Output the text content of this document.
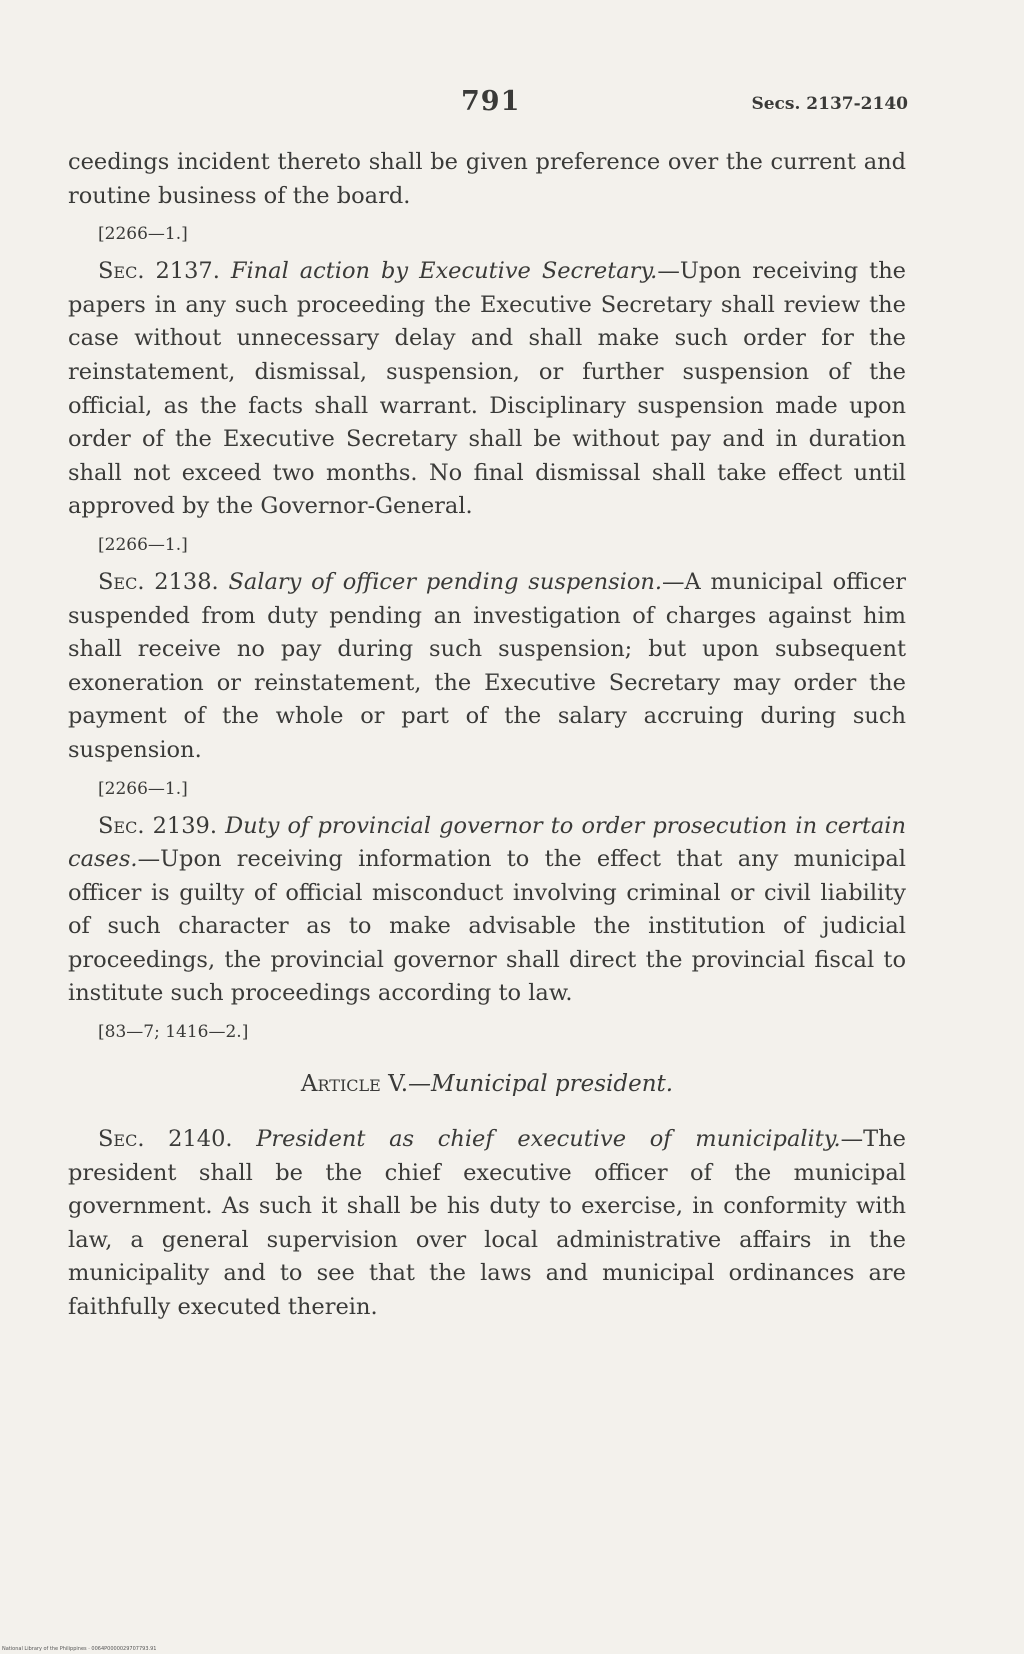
791	Secs. 2137-2140

ceedings incident thereto shall be given preference over the current and routine business of the board.

[2266—1.]

Sec. 2137. Final action by Executive Secretary.—Upon receiving the papers in any such proceeding the Executive Secretary shall review the case without unnecessary delay and shall make such order for the reinstatement, dismissal, suspension, or further suspension of the official, as the facts shall warrant. Disciplinary suspension made upon order of the Executive Secretary shall be without pay and in duration shall not exceed two months. No final dismissal shall take effect until approved by the Governor-General.

[2266—1.]

Sec. 2138. Salary of officer pending suspension.—A municipal officer suspended from duty pending an investigation of charges against him shall receive no pay during such suspension; but upon subsequent exoneration or reinstatement, the Executive Secretary may order the payment of the whole or part of the salary accruing during such suspension.

[2266—1.]

Sec. 2139. Duty of provincial governor to order prosecution in certain cases.—Upon receiving information to the effect that any municipal officer is guilty of official misconduct involving criminal or civil liability of such character as to make advisable the institution of judicial proceedings, the provincial governor shall direct the provincial fiscal to institute such proceedings according to law.

[83—7; 1416—2.]
Article V.—Municipal president.

Sec. 2140. President as chief executive of municipality.—The president shall be the chief executive officer of the municipal government. As such it shall be his duty to exercise, in conformity with law, a general supervision over local administrative affairs in the municipality and to see that the laws and municipal ordinances are faithfully executed therein.

National Library of the Philippines · 0064P0000029707793.91
